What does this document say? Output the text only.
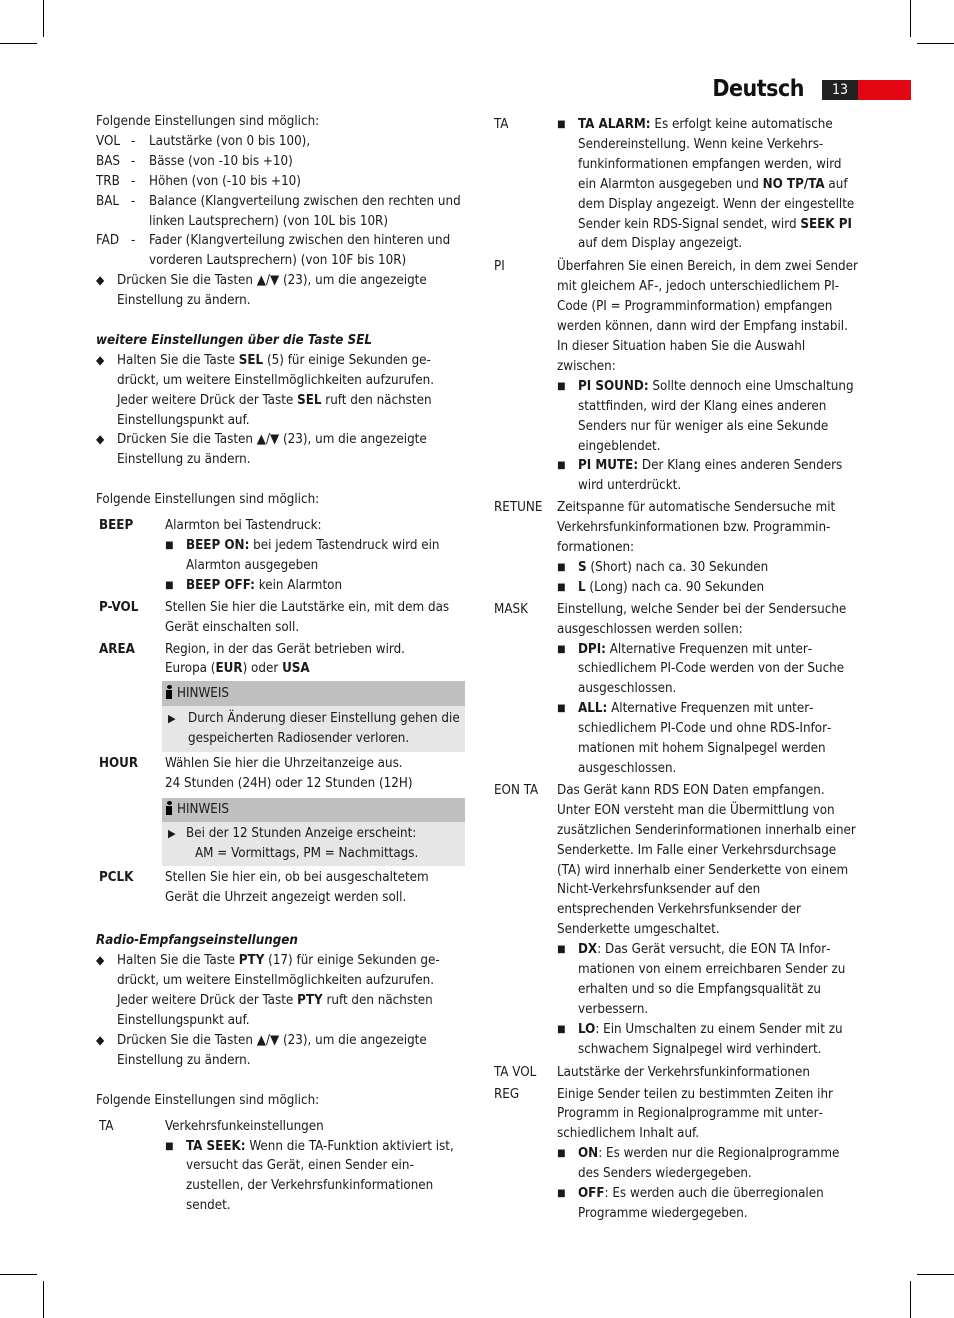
Deutsch	13

Folgende Einstellungen sind möglich:

VOL -	Lautstärke (von 0 bis 100),
BAS -	Bässe (von -10 bis +10)
TRB -	Höhen (von (-10 bis +10)
BAL -	Balance (Klangverteilung zwischen den rechten und linken Lautsprechern) (von 10L bis 10R)
FAD -	Fader (Klangverteilung zwischen den hinteren und vorderen Lautsprechern) (von 10F bis 10R)
◆ Drücken Sie die Tasten ▲/▼ (23), um die angezeigte Einstellung zu ändern.

weitere Einstellungen über die Taste SEL

◆ Halten Sie die Taste SEL (5) für einige Sekunden gedrückt, um weitere Einstellmöglichkeiten aufzurufen. Jeder weitere Drück der Taste SEL ruft den nächsten Einstellungspunkt auf.
◆ Drücken Sie die Tasten ▲/▼ (23), um die angezeigte Einstellung zu ändern.

Folgende Einstellungen sind möglich:

BEEP	Alarmton bei Tastendruck:

■ BEEP ON: bei jedem Tastendruck wird ein Alarmton ausgegeben
■ BEEP OFF: kein Alarmton
P-VOL	Stellen Sie hier die Lautstärke ein, mit dem das Gerät einschalten soll.

AREA	Region, in der das Gerät betrieben wird.

Europa (EUR) oder USA

HINWEIS
▶ Durch Änderung dieser Einstellung gehen die gespeicherten Radiosender verloren.
HOUR	Wählen Sie hier die Uhrzeitanzeige aus.

24 Stunden (24H) oder 12 Stunden (12H)

HINWEIS
▶ Bei der 12 Stunden Anzeige erscheint:
AM = Vormittags, PM = Nachmittags.
PCLK	Stellen Sie hier ein, ob bei ausgeschaltetem Gerät die Uhrzeit angezeigt werden soll.

Radio-Empfangseinstellungen

◆ Halten Sie die Taste PTY (17) für einige Sekunden gedrückt, um weitere Einstellmöglichkeiten aufzurufen. Jeder weitere Drück der Taste PTY ruft den nächsten Einstellungspunkt auf.
◆ Drücken Sie die Tasten ▲/▼ (23), um die angezeigte Einstellung zu ändern.

Folgende Einstellungen sind möglich:

TA	Verkehrsfunkeinstellungen

■ TA SEEK: Wenn die TA-Funktion aktiviert ist, versucht das Gerät, einen Sender einzustellen, der Verkehrsfunkinformationen sendet.
TA	■ TA ALARM: Es erfolgt keine automatische Sendereinstellung. Wenn keine Verkehrsfunkinformationen empfangen werden, wird ein Alarmton ausgegeben und NO TP/TA auf dem Display angezeigt. Wenn der eingestellte Sender kein RDS-Signal sendet, wird SEEK PI auf dem Display angezeigt.
PI	Überfahren Sie einen Bereich, in dem zwei Sender mit gleichem AF-, jedoch unterschiedlichem PI-Code (PI = Programminformation) empfangen werden können, dann wird der Empfang instabil. In dieser Situation haben Sie die Auswahl zwischen:

■ PI SOUND: Sollte dennoch eine Umschaltung stattfinden, wird der Klang eines anderen Senders nur für weniger als eine Sekunde eingeblendet.
■ PI MUTE: Der Klang eines anderen Senders wird unterdrückt.
RETUNE	Zeitspanne für automatische Sendersuche mit Verkehrsfunkinformationen bzw. Programminformationen:

■ S (Short) nach ca. 30 Sekunden
■ L (Long) nach ca. 90 Sekunden
MASK	Einstellung, welche Sender bei der Sendersuche ausgeschlossen werden sollen:

■ DPI: Alternative Frequenzen mit unterschiedlichem PI-Code werden von der Suche ausgeschlossen.
■ ALL: Alternative Frequenzen mit unterschiedlichem PI-Code und ohne RDS-Informationen mit hohem Signalpegel werden ausgeschlossen.
EON TA	Das Gerät kann RDS EON Daten empfangen. Unter EON versteht man die Übermittlung von zusätzlichen Senderinformationen innerhalb einer Senderkette. Im Falle einer Verkehrsdurchsage (TA) wird innerhalb einer Senderkette von einem Nicht-Verkehrsfunksender auf den entsprechenden Verkehrsfunksender der Senderkette umgeschaltet.

■ DX: Das Gerät versucht, die EON TA Informationen von einem erreichbaren Sender zu erhalten und so die Empfangsqualität zu verbessern.
■ LO: Ein Umschalten zu einem Sender mit zu schwachem Signalpegel wird verhindert.
TA VOL	Lautstärke der Verkehrsfunkinformationen

REG	Einige Sender teilen zu bestimmten Zeiten ihr Programm in Regionalprogramme mit unterschiedlichem Inhalt auf.

■ ON: Es werden nur die Regionalprogramme des Senders wiedergegeben.
■ OFF: Es werden auch die überregionalen Programme wiedergegeben.
